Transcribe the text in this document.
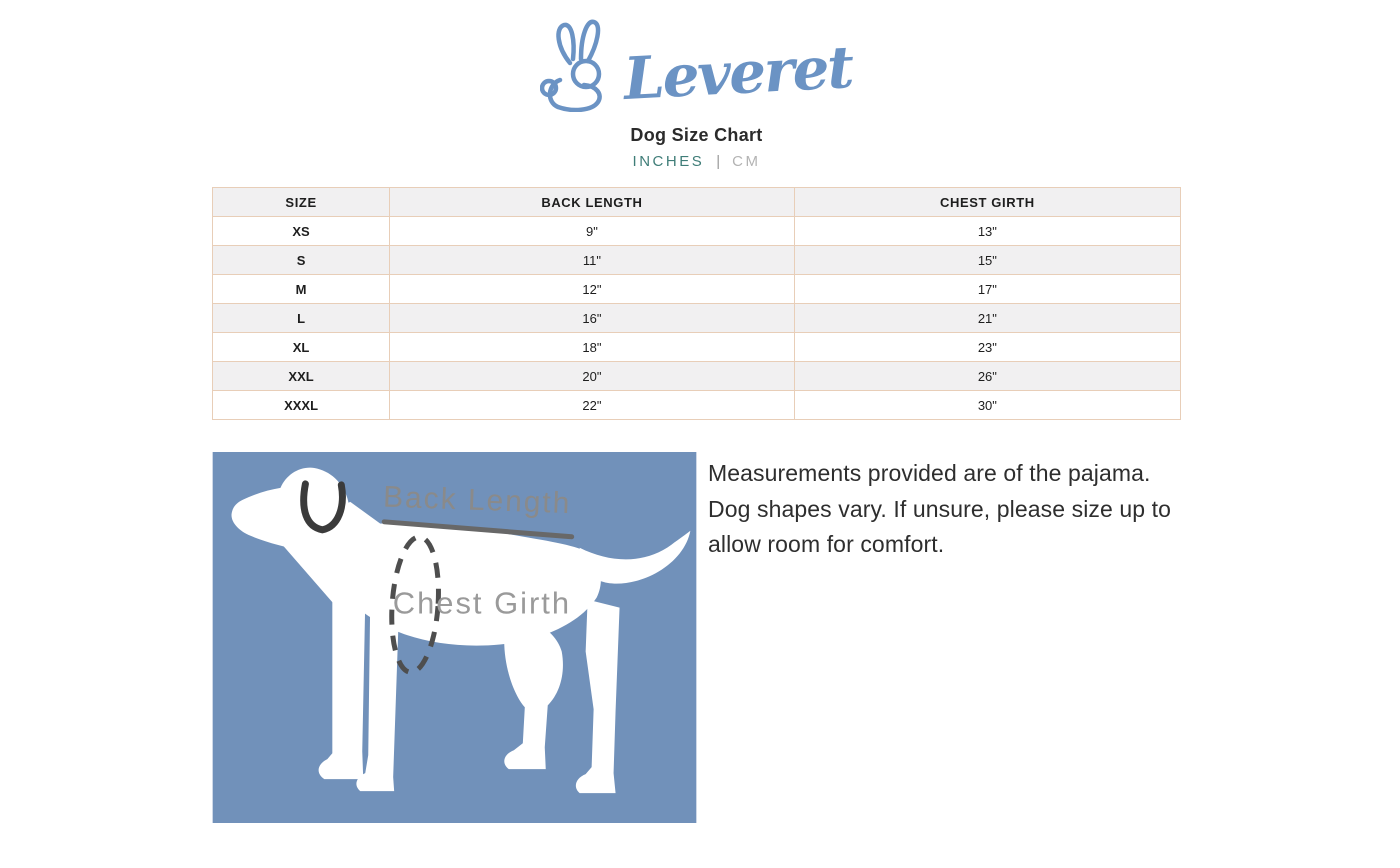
Leveret
Dog Size Chart
INCHES | CM
SIZE	BACK LENGTH	CHEST GIRTH
XS	9"	13"
S	11"	15"
M	12"	17"
L	16"	21"
XL	18"	23"
XXL	20"	26"
XXXL	22"	30"
Back Length
Chest Girth

Measurements provided are of the pajama. Dog shapes vary. If unsure, please size up to allow room for comfort.
